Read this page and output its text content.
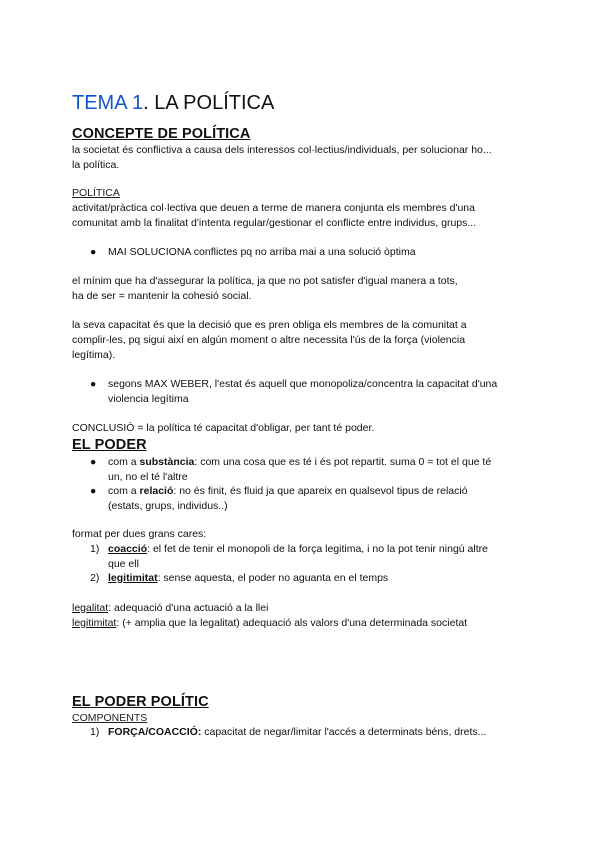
TEMA 1. LA POLÍTICA
CONCEPTE DE POLÍTICA
la societat és conflictiva a causa dels interessos col·lectius/individuals, per solucionar ho...
la política.
POLÍTICA
activitat/pràctica col·lectiva que deuen a terme de manera conjunta els membres d'una
comunitat amb la finalitat d'intenta regular/gestionar el conflicte entre individus, grups...
● MAI SOLUCIONA conflictes pq no arriba mai a una solució òptima
el mínim que ha d'assegurar la política, ja que no pot satisfer d'igual manera a tots,
ha de ser = mantenir la cohesió social.
la seva capacitat és que la decisió que es pren obliga els membres de la comunitat a
complir-les, pq sigui així en algún moment o altre necessita l'ús de la força (violencia
legítima).
● segons MAX WEBER, l'estat és aquell que monopoliza/concentra la capacitat d'una
violencia legítima
CONCLUSIÓ = la política té capacitat d'obligar, per tant té poder.
EL PODER
● com a substància: com una cosa que es té i és pot repartit. suma 0 = tot el que té
un, no el té l'altre
● com a relació: no és finit, és fluid ja que apareix en qualsevol tipus de relació
(estats, grups, individus..)
format per dues grans cares:
1) coacció: el fet de tenir el monopoli de la força legitima, i no la pot tenir ningú altre
que ell
2) legitimitat: sense aquesta, el poder no aguanta en el temps
legalitat: adequació d'una actuació a la llei
legitimitat: (+ amplia que la legalitat) adequació als valors d'una determinada societat
EL PODER POLÍTIC
COMPONENTS
1) FORÇA/COACCIÓ: capacitat de negar/limitar l'accés a determinats béns, drets...
